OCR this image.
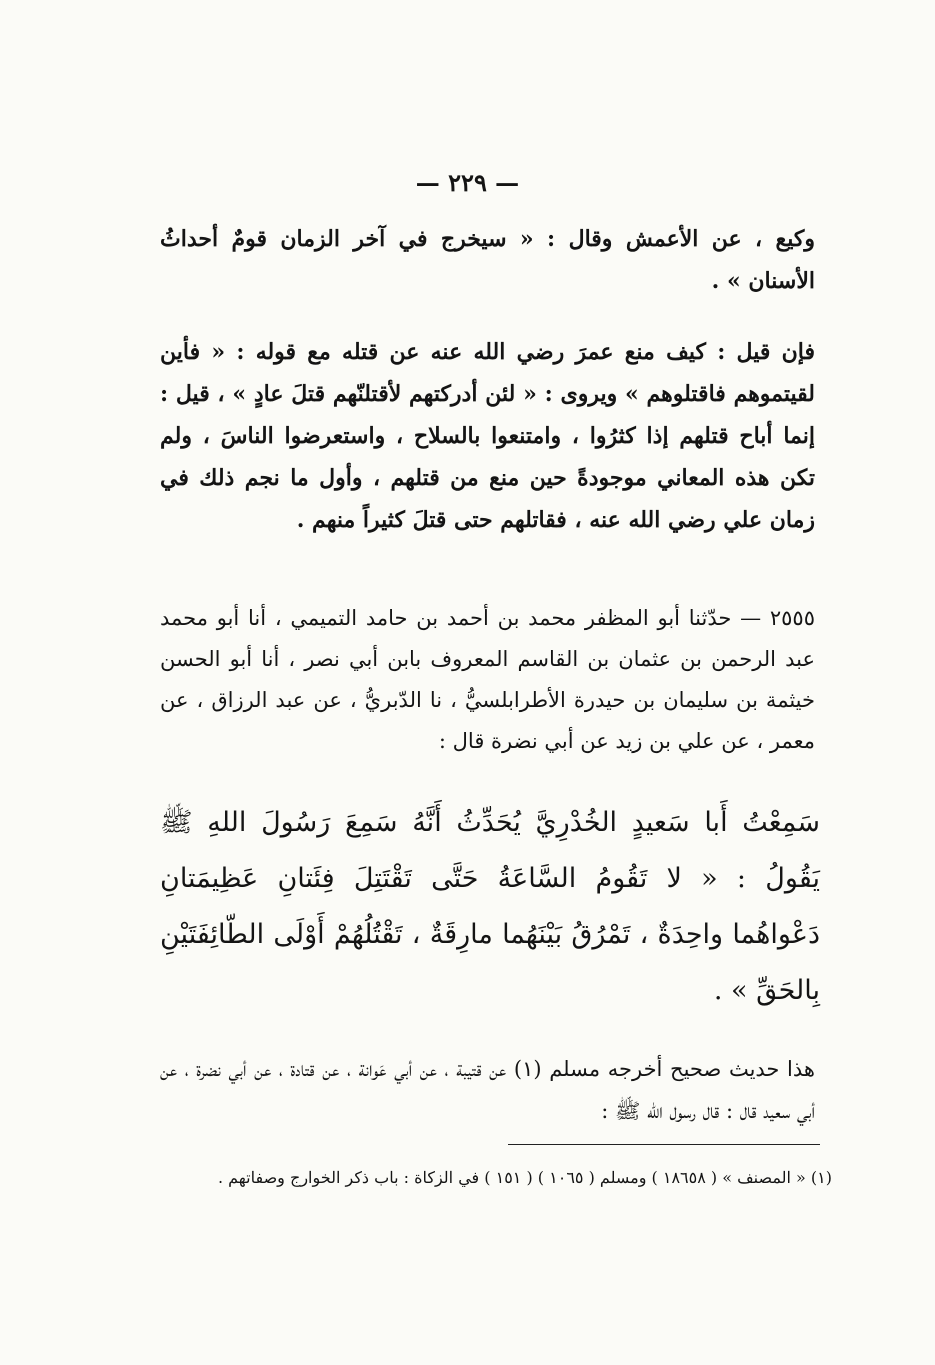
— ٢٢٩ —
وكيع ، عن الأعمش وقال : « سيخرج في آخر الزمان قومٌ أحداثُ الأسنان » .
فإن قيل : كيف منع عمرَ رضي الله عنه عن قتله مع قوله : « فأين لقيتموهم فاقتلوهم » ويروى : « لئن أدركتهم لأقتلنّهم قتلَ عادٍ » ، قيل : إنما أباح قتلهم إذا كثرُوا ، وامتنعوا بالسلاح ، واستعرضوا الناسَ ، ولم تكن هذه المعاني موجودةً حين منع من قتلهم ، وأول ما نجم ذلك في زمان علي رضي الله عنه ، فقاتلهم حتى قتلَ كثيراً منهم .
٢٥٥٥ — حدّثنا أبو المظفر محمد بن أحمد بن حامد التميمي ، أنا أبو محمد عبد الرحمن بن عثمان بن القاسم المعروف بابن أبي نصر ، أنا أبو الحسن خيثمة بن سليمان بن حيدرة الأطرابلسيُّ ، نا الدّبريُّ ، عن عبد الرزاق ، عن معمر ، عن علي بن زيد عن أبي نضرة قال :
سَمِعْتُ أَبا سَعيدٍ الخُدْرِيَّ يُحَدِّثُ أَنَّهُ سَمِعَ رَسُولَ اللهِ ﷺ يَقُولُ : « لا تَقُومُ السَّاعَةُ حَتَّى تَقْتَتِلَ فِئَتانِ عَظِيمَتانِ دَعْواهُما واحِدَةٌ ، تَمْرُقُ بَيْنَهُما مارِقَةٌ ، تَقْتُلُهُمْ أَوْلَى الطّائِفَتَيْنِ بِالحَقِّ » .
هذا حديث صحيح أخرجه مسلم (١) عن قتيبة ، عن أبي عَوانة ، عن قتادة ، عن أبي نضرة ، عن أبي سعيد قال : قال رسول الله ﷺ :
(١) « المصنف » ( ١٨٦٥٨ ) ومسلم ( ١٠٦٥ ) ( ١٥١ ) في الزكاة : باب ذكر الخوارج وصفاتهم .
